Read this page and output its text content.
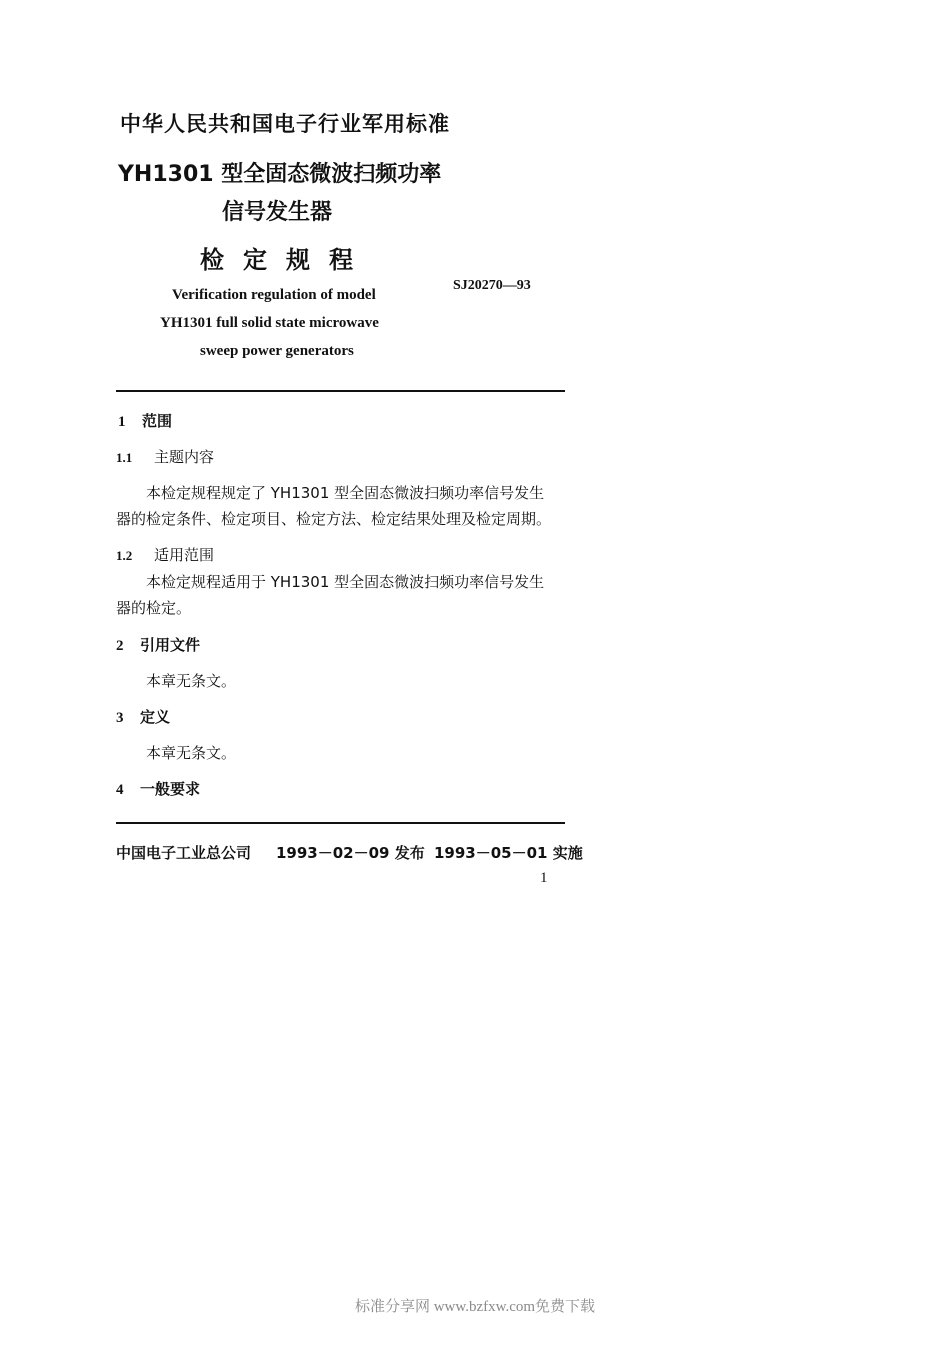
中华人民共和国电子行业军用标准
YH1301 型全固态微波扫频功率
信号发生器
检定规程
SJ20270—93
Verification regulation of model
YH1301 full solid state microwave
sweep power generators
1 范围
1.1 主题内容
本检定规程规定了 YH1301 型全固态微波扫频功率信号发生
器的检定条件、检定项目、检定方法、检定结果处理及检定周期。
1.2 适用范围
本检定规程适用于 YH1301 型全固态微波扫频功率信号发生
器的检定。
2 引用文件
本章无条文。
3 定义
本章无条文。
4 一般要求
中国电子工业总公司 1993－02－09 发布 1993－05－01 实施
1
标准分享网 www.bzfxw.com免费下载
